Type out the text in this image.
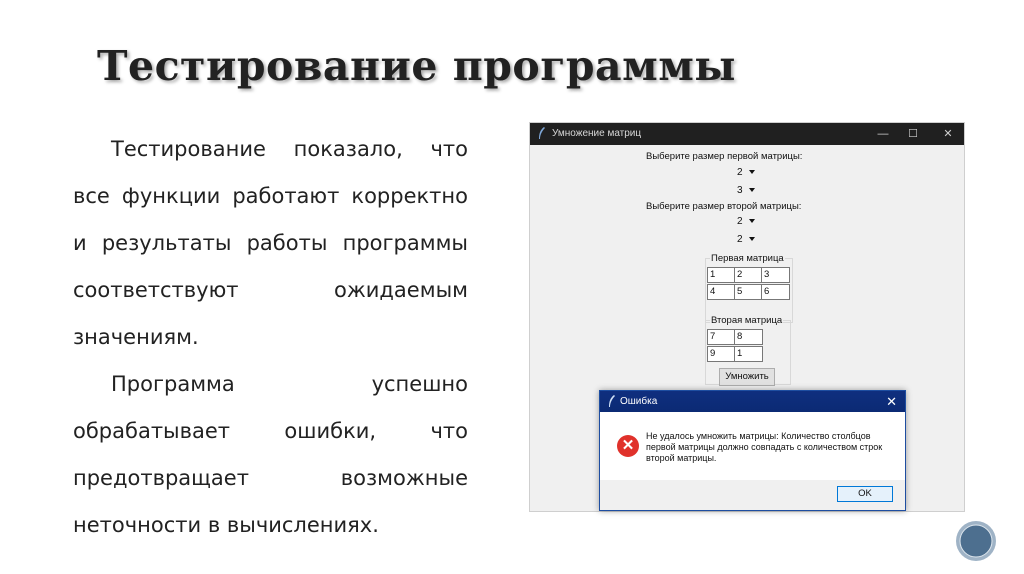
Тестирование программы

Тестирование показало, что все функции работают корректно и результаты работы программы соответствуют ожидаемым значениям.

Программа успешно обрабатывает ошибки, что предотвращает возможные неточности в вычислениях.

Умножение матриц	— ☐	✕
Выберите размер первой матрицы:
2
3
Выберите размер второй матрицы:
2
2
Первая матрица
1	2	3
4	5	6
Вторая матрица
7	8
9	1
Умножить
Ошибка	✕
✕
Не удалось умножить матрицы: Количество столбцов первой матрицы должно совпадать с количеством строк второй матрицы.
OK
